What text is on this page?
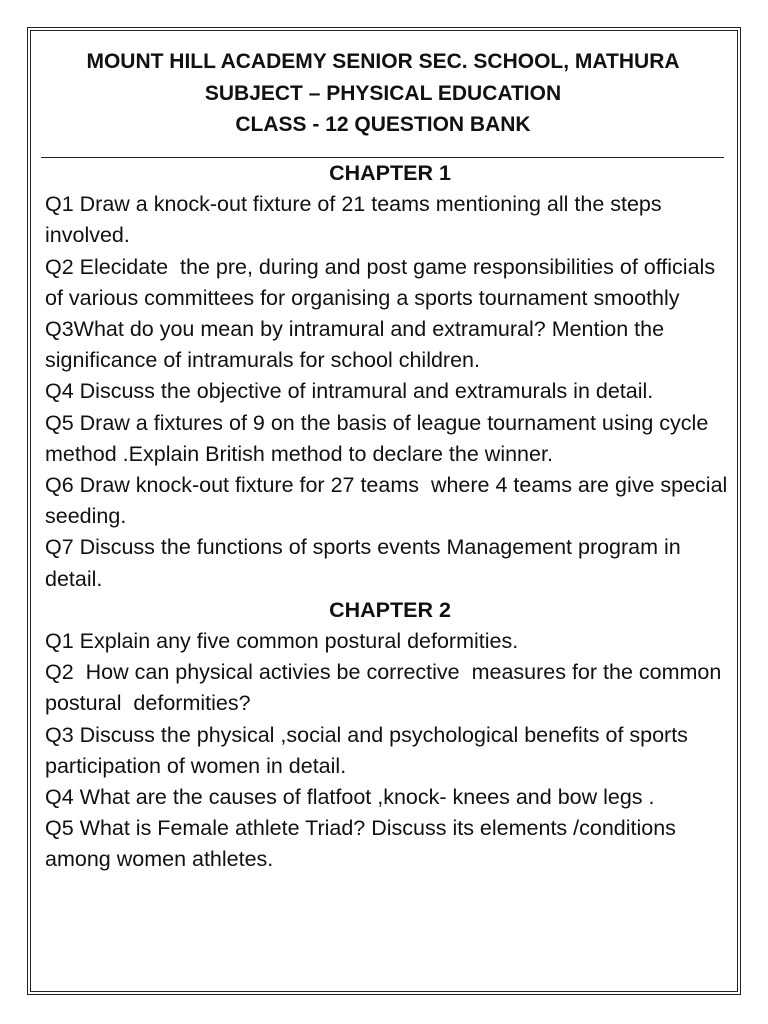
MOUNT HILL ACADEMY SENIOR SEC. SCHOOL, MATHURA
SUBJECT – PHYSICAL EDUCATION
CLASS - 12 QUESTION BANK
CHAPTER 1

Q1 Draw a knock-out fixture of 21 teams mentioning all the steps involved.

Q2 Elecidate  the pre, during and post game responsibilities of officials of various committees for organising a sports tournament smoothly

Q3What do you mean by intramural and extramural? Mention the significance of intramurals for school children.

Q4 Discuss the objective of intramural and extramurals in detail.

Q5 Draw a fixtures of 9 on the basis of league tournament using cycle method .Explain British method to declare the winner.

Q6 Draw knock-out fixture for 27 teams  where 4 teams are give special seeding.

Q7 Discuss the functions of sports events Management program in detail.

CHAPTER 2

Q1 Explain any five common postural deformities.

Q2  How can physical activies be corrective  measures for the common postural  deformities?

Q3 Discuss the physical ,social and psychological benefits of sports participation of women in detail.

Q4 What are the causes of flatfoot ,knock- knees and bow legs .

Q5 What is Female athlete Triad? Discuss its elements /conditions among women athletes.
